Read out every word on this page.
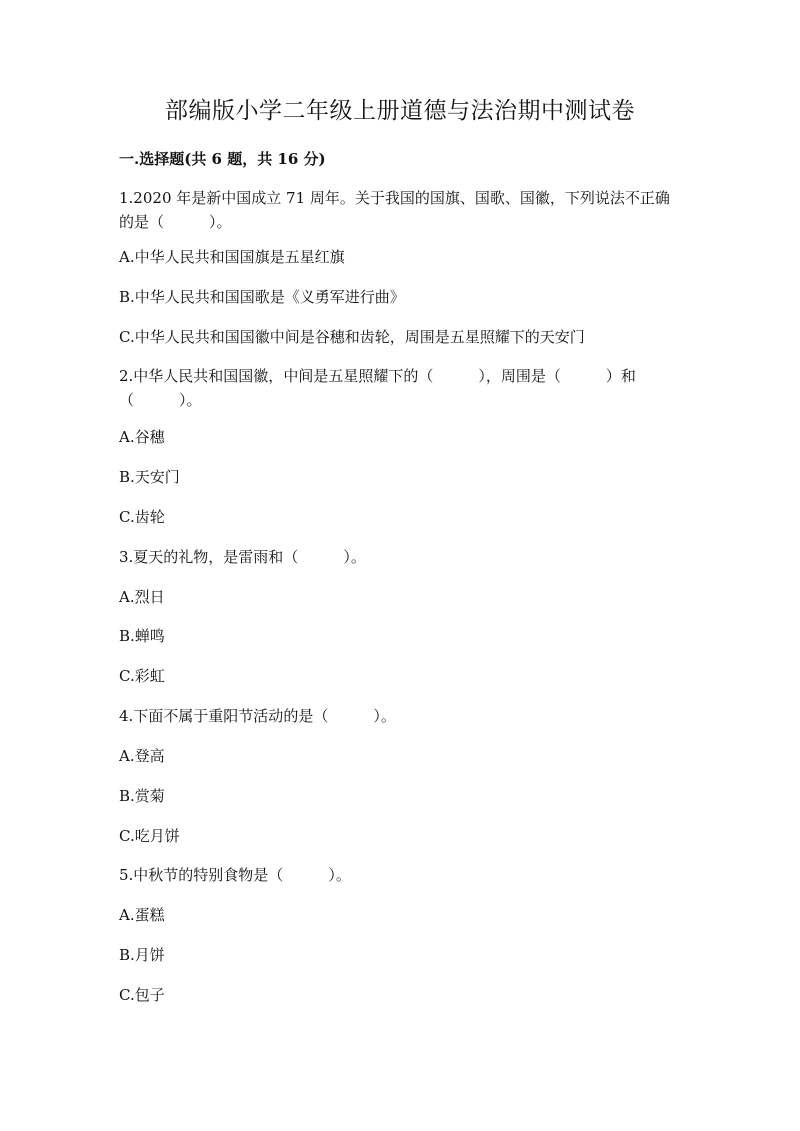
部编版小学二年级上册道德与法治期中测试卷
一.选择题(共 6 题，共 16 分)
1.2020 年是新中国成立 71 周年。关于我国的国旗、国歌、国徽，下列说法不正确的是（　　　）。
A.中华人民共和国国旗是五星红旗
B.中华人民共和国国歌是《义勇军进行曲》
C.中华人民共和国国徽中间是谷穗和齿轮，周围是五星照耀下的天安门
2.中华人民共和国国徽，中间是五星照耀下的（　　　），周围是（　　　）和（　　　）。
A.谷穗
B.天安门
C.齿轮
3.夏天的礼物，是雷雨和（　　　）。
A.烈日
B.蝉鸣
C.彩虹
4.下面不属于重阳节活动的是（　　　）。
A.登高
B.赏菊
C.吃月饼
5.中秋节的特别食物是（　　　）。
A.蛋糕
B.月饼
C.包子
